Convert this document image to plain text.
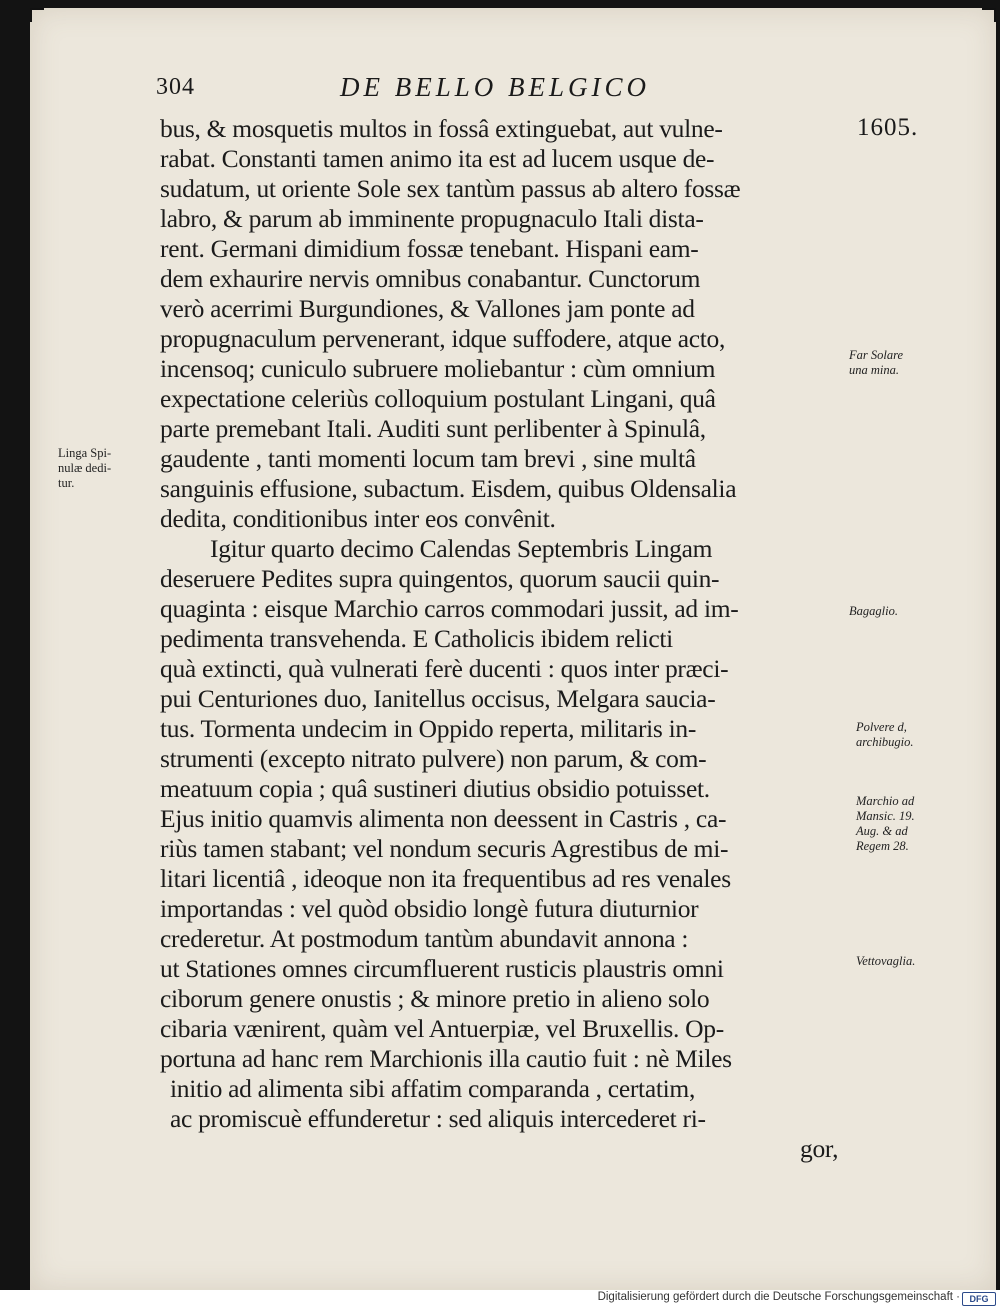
304	DE BELLO BELGICO
1605.
bus, & mosquetis multos in fossâ extinguebat, aut vulne-
rabat. Constanti tamen animo ita est ad lucem usque de-
sudatum, ut oriente Sole sex tantùm passus ab altero fossæ
labro, & parum ab imminente propugnaculo Itali dista-
rent. Germani dimidium fossæ tenebant. Hispani eam-
dem exhaurire nervis omnibus conabantur. Cunctorum
verò acerrimi Burgundiones, & Vallones jam ponte ad
propugnaculum pervenerant, idque suffodere, atque acto,
incensoq; cuniculo subruere moliebantur : cùm omnium
expectatione celeriùs colloquium postulant Lingani, quâ
parte premebant Itali. Auditi sunt perlibenter à Spinulâ,
gaudente , tanti momenti locum tam brevi , sine multâ
sanguinis effusione, subactum. Eisdem, quibus Oldensalia
dedita, conditionibus inter eos convênit.
Igitur quarto decimo Calendas Septembris Lingam
deseruere Pedites supra quingentos, quorum saucii quin-
quaginta : eisque Marchio carros commodari jussit, ad im-
pedimenta transvehenda. E Catholicis ibidem relicti
quà extincti, quà vulnerati ferè ducenti : quos inter præci-
pui Centuriones duo, Ianitellus occisus, Melgara saucia-
tus. Tormenta undecim in Oppido reperta, militaris in-
strumenti (excepto nitrato pulvere) non parum, & com-
meatuum copia ; quâ sustineri diutius obsidio potuisset.
Ejus initio quamvis alimenta non deessent in Castris , ca-
riùs tamen stabant; vel nondum securis Agrestibus de mi-
litari licentiâ , ideoque non ita frequentibus ad res venales
importandas : vel quòd obsidio longè futura diuturnior
crederetur. At postmodum tantùm abundavit annona :
ut Stationes omnes circumfluerent rusticis plaustris omni
ciborum genere onustis ; & minore pretio in alieno solo
cibaria vænirent, quàm vel Antuerpiæ, vel Bruxellis. Op-
portuna ad hanc rem Marchionis illa cautio fuit : nè Miles
initio ad alimenta sibi affatim comparanda , certatim,
ac promiscuè effunderetur : sed aliquis intercederet ri-
gor,
Far Solare
una mina.
Bagaglio.
Polvere d,
archibugio.
Marchio ad
Mansic. 19.
Aug. & ad
Regem 28.
Vettovaglia.
Linga Spi-
nulæ dedi-
tur.
Digitalisierung gefördert durch die Deutsche Forschungsgemeinschaft ·	DFG
